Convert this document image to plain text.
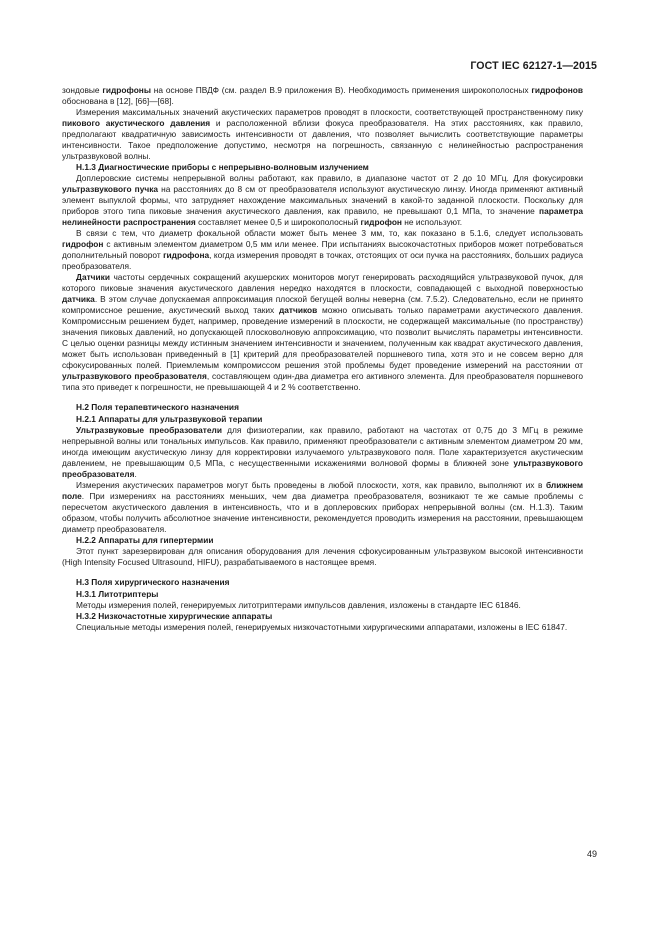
ГОСТ IEC 62127-1—2015

зондовые гидрофоны на основе ПВДФ (см. раздел В.9 приложения В). Необходимость применения широкополосных гидрофонов обоснована в [12], [66]—[68].

Измерения максимальных значений акустических параметров проводят в плоскости, соответствующей пространственному пику пикового акустического давления и расположенной вблизи фокуса преобразователя. На этих расстояниях, как правило, предполагают квадратичную зависимость интенсивности от давления, что позволяет вычислить соответствующие параметры интенсивности. Такое предположение допустимо, несмотря на погрешность, связанную с нелинейностью распространения ультразвуковой волны.

Н.1.3 Диагностические приборы с непрерывно-волновым излучением

Доплеровские системы непрерывной волны работают, как правило, в диапазоне частот от 2 до 10 МГц. Для фокусировки ультразвукового пучка на расстояниях до 8 см от преобразователя используют акустическую линзу. Иногда применяют активный элемент выпуклой формы, что затрудняет нахождение максимальных значений в какой-то заданной плоскости. Поскольку для приборов этого типа пиковые значения акустического давления, как правило, не превышают 0,1 МПа, то значение параметра нелинейности распространения составляет менее 0,5 и широкополосный гидрофон не используют.

В связи с тем, что диаметр фокальной области может быть менее 3 мм, то, как показано в 5.1.6, следует использовать гидрофон с активным элементом диаметром 0,5 мм или менее. При испытаниях высокочастотных приборов может потребоваться дополнительный поворот гидрофона, когда измерения проводят в точках, отстоящих от оси пучка на расстояниях, больших радиуса преобразователя.

Датчики частоты сердечных сокращений акушерских мониторов могут генерировать расходящийся ультразвуковой пучок, для которого пиковые значения акустического давления нередко находятся в плоскости, совпадающей с выходной поверхностью датчика. В этом случае допускаемая аппроксимация плоской бегущей волны неверна (см. 7.5.2). Следовательно, если не принято компромиссное решение, акустический выход таких датчиков можно описывать только параметрами акустического давления. Компромиссным решением будет, например, проведение измерений в плоскости, не содержащей максимальные (по пространству) значения пиковых давлений, но допускающей плосковолновую аппроксимацию, что позволит вычислять параметры интенсивности. С целью оценки разницы между истинным значением интенсивности и значением, полученным как квадрат акустического давления, может быть использован приведенный в [1] критерий для преобразователей поршневого типа, хотя это и не совсем верно для сфокусированных полей. Приемлемым компромиссом решения этой проблемы будет проведение измерений на расстоянии от ультразвукового преобразователя, составляющем один-два диаметра его активного элемента. Для преобразователя поршневого типа это приведет к погрешности, не превышающей 4 и 2 % соответственно.

Н.2 Поля терапевтического назначения

Н.2.1 Аппараты для ультразвуковой терапии

Ультразвуковые преобразователи для физиотерапии, как правило, работают на частотах от 0,75 до 3 МГц в режиме непрерывной волны или тональных импульсов. Как правило, применяют преобразователи с активным элементом диаметром 20 мм, иногда имеющим акустическую линзу для корректировки излучаемого ультразвукового поля. Поле характеризуется акустическим давлением, не превышающим 0,5 МПа, с несущественными искажениями волновой формы в ближней зоне ультразвукового преобразователя.

Измерения акустических параметров могут быть проведены в любой плоскости, хотя, как правило, выполняют их в ближнем поле. При измерениях на расстояниях меньших, чем два диаметра преобразователя, возникают те же самые проблемы с пересчетом акустического давления в интенсивность, что и в доплеровских приборах непрерывной волны (см. Н.1.3). Таким образом, чтобы получить абсолютное значение интенсивности, рекомендуется проводить измерения на расстоянии, превышающем диаметр преобразователя.

Н.2.2 Аппараты для гипертермии

Этот пункт зарезервирован для описания оборудования для лечения сфокусированным ультразвуком высокой интенсивности (High Intensity Focused Ultrasound, HIFU), разрабатываемого в настоящее время.

Н.3 Поля хирургического назначения

Н.3.1 Литотриптеры

Методы измерения полей, генерируемых литотриптерами импульсов давления, изложены в стандарте IEC 61846.

Н.3.2 Низкочастотные хирургические аппараты

Специальные методы измерения полей, генерируемых низкочастотными хирургическими аппаратами, изложены в IEC 61847.

49
